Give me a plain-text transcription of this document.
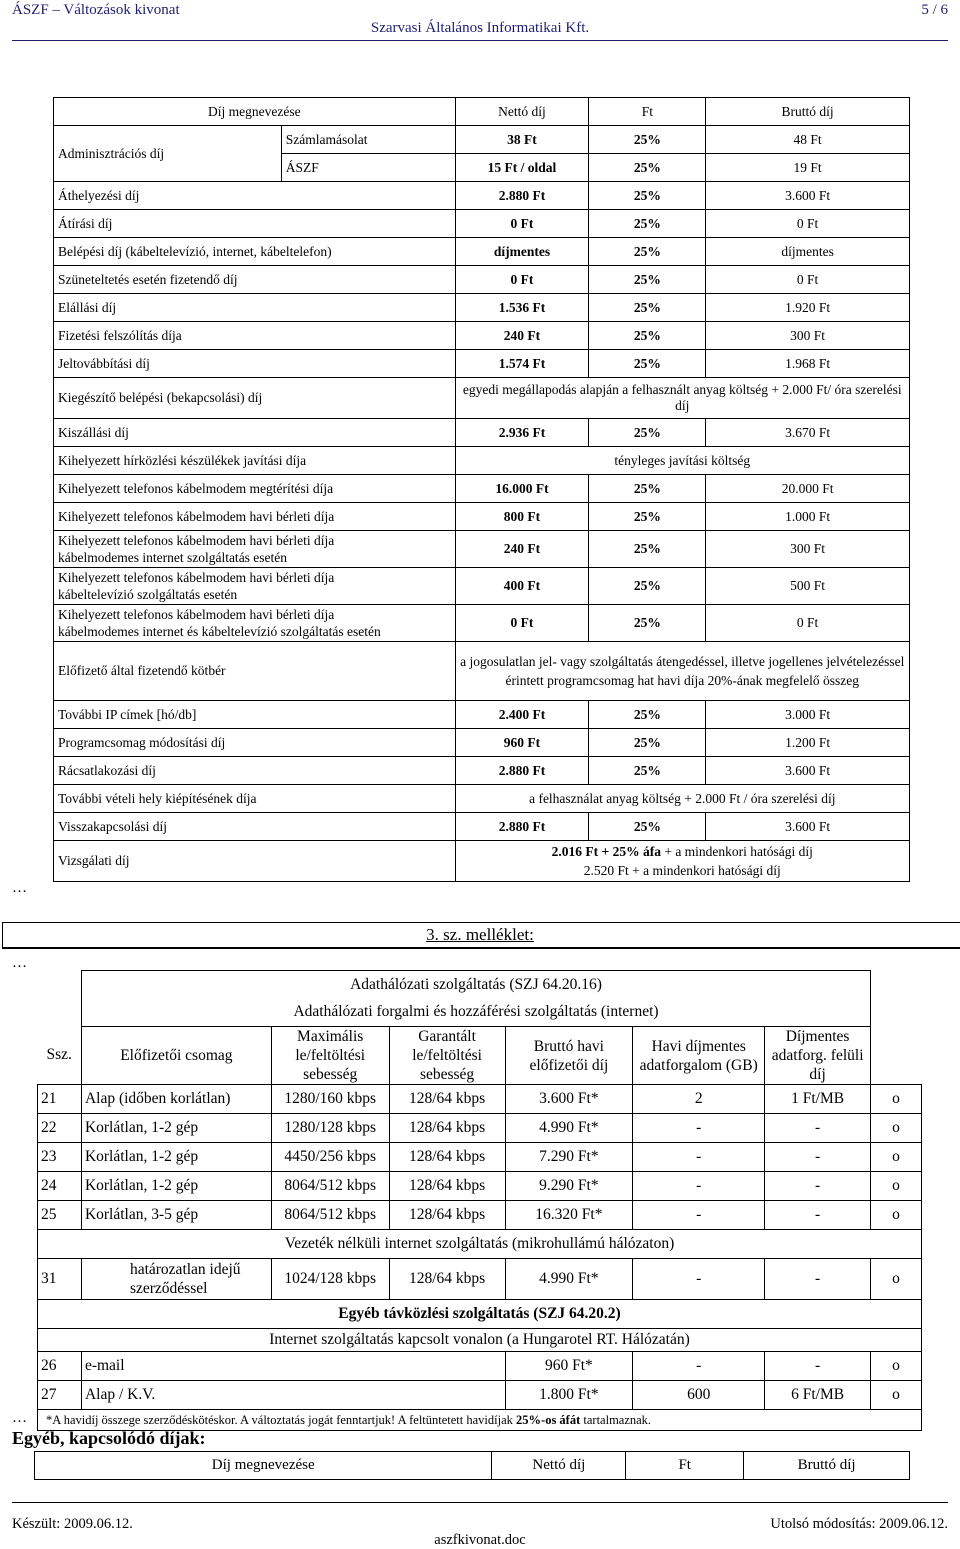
ÁSZF – Változások kivonat	5 / 6
Szarvasi Általános Informatikai Kft.
Díj megnevezése		Nettó díj	Ft	Bruttó díj
Adminisztrációs díj	Számlamásolat	38 Ft	25%	48 Ft
	ÁSZF	15 Ft / oldal	25%	19 Ft
Áthelyezési díj		2.880 Ft	25%	3.600 Ft
Átírási díj		0 Ft	25%	0 Ft
Belépési díj (kábeltelevízió, internet, kábeltelefon)		díjmentes	25%	díjmentes
Szüneteltetés esetén fizetendő díj		0 Ft	25%	0 Ft
Elállási díj		1.536 Ft	25%	1.920 Ft
Fizetési felszólítás díja		240 Ft	25%	300 Ft
Jeltovábbítási díj		1.574 Ft	25%	1.968 Ft
Kiegészítő belépési (bekapcsolási) díj		egyedi megállapodás alapján a felhasznált anyag költség + 2.000 Ft/ óra szerelési díj		
Kiszállási díj		2.936 Ft	25%	3.670 Ft
Kihelyezett hírközlési készülékek javítási díja		tényleges javítási költség		
Kihelyezett telefonos kábelmodem megtérítési díja		16.000 Ft	25%	20.000 Ft
Kihelyezett telefonos kábelmodem havi bérleti díja		800 Ft	25%	1.000 Ft
Kihelyezett telefonos kábelmodem havi bérleti díja
kábelmodemes internet szolgáltatás esetén		240 Ft	25%	300 Ft
Kihelyezett telefonos kábelmodem havi bérleti díja
kábeltelevízió szolgáltatás esetén		400 Ft	25%	500 Ft
Kihelyezett telefonos kábelmodem havi bérleti díja
kábelmodemes internet és kábeltelevízió szolgáltatás esetén		0 Ft	25%	0 Ft
Előfizető által fizetendő kötbér		a jogosulatlan jel- vagy szolgáltatás átengedéssel, illetve jogellenes jelvételezéssel érintett programcsomag hat havi díja 20%-ának megfelelő összeg		
További IP címek [hó/db]		2.400 Ft	25%	3.000 Ft
Programcsomag módosítási díj		960 Ft	25%	1.200 Ft
Rácsatlakozási díj		2.880 Ft	25%	3.600 Ft
További vételi hely kiépítésének díja		a felhasználat anyag költség + 2.000 Ft / óra szerelési díj		
Visszakapcsolási díj		2.880 Ft	25%	3.600 Ft
Vizsgálati díj		2.016 Ft + 25% áfa + a mindenkori hatósági díj
2.520 Ft + a mindenkori hatósági díj		
…
3. sz. melléklet:
…
	Adathálózati szolgáltatás (SZJ 64.20.16)						
	Adathálózati forgalmi és hozzáférési szolgáltatás (internet)						
Ssz.	Előfizetői csomag	Maximális le/feltöltési sebesség	Garantált le/feltöltési sebesség	Bruttó havi előfizetői díj	Havi díjmentes adatforgalom (GB)	Díjmentes adatforg. felüli díj	
21	Alap (időben korlátlan)	1280/160 kbps	128/64 kbps	3.600 Ft*	2	1 Ft/MB	o
22	Korlátlan, 1-2 gép	1280/128 kbps	128/64 kbps	4.990 Ft*	-	-	o
23	Korlátlan, 1-2 gép	4450/256 kbps	128/64 kbps	7.290 Ft*	-	-	o
24	Korlátlan, 1-2 gép	8064/512 kbps	128/64 kbps	9.290 Ft*	-	-	o
25	Korlátlan, 3-5 gép	8064/512 kbps	128/64 kbps	16.320 Ft*	-	-	o
Vezeték nélküli internet szolgáltatás (mikrohullámú hálózaton)							
31	határozatlan idejű szerződéssel	1024/128 kbps	128/64 kbps	4.990 Ft*	-	-	o
Egyéb távközlési szolgáltatás (SZJ 64.20.2)							
Internet szolgáltatás kapcsolt vonalon (a Hungarotel RT. Hálózatán)							
26	e-mail			960 Ft*	-	-	o
27	Alap / K.V.			1.800 Ft*	600	6 Ft/MB	o
*A havidíj összege szerződéskötéskor. A változtatás jogát fenntartjuk! A feltüntetett havidíjak 25%-os áfát tartalmaznak.							
…
Egyéb, kapcsolódó díjak:
Díj megnevezése	Nettó díj	Ft	Bruttó díj
Készült: 2009.06.12.	Utolsó módosítás: 2009.06.12.
aszfkivonat.doc
